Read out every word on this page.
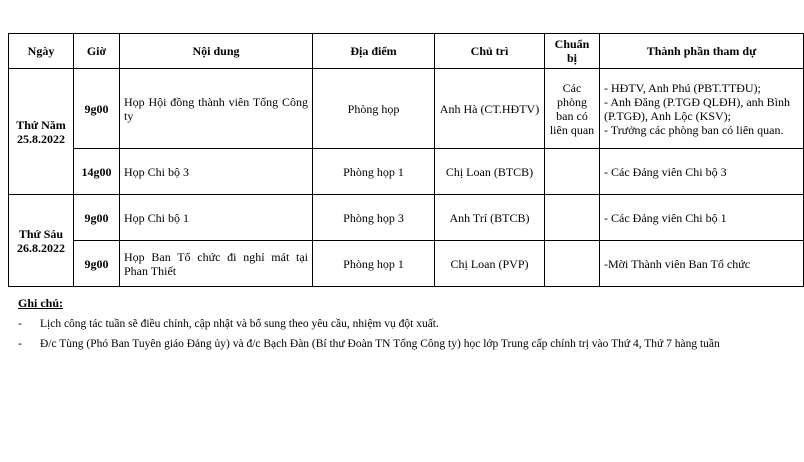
Ngày	Giờ	Nội dung	Địa điểm	Chủ trì	Chuẩn bị	Thành phần tham dự
Thứ Năm 25.8.2022	9g00	Họp Hội đồng thành viên Tổng Công ty	Phòng họp	Anh Hà (CT.HĐTV)	Các phòng ban có liên quan	- HĐTV, Anh Phú (PBT.TTĐU);
- Anh Đăng (P.TGĐ QLĐH), anh Bình (P.TGĐ), Anh Lộc (KSV);
- Trưởng các phòng ban có liên quan.

	14g00	Họp Chi bộ 3	Phòng họp 1	Chị Loan (BTCB)		- Các Đảng viên Chi bộ 3
Thứ Sáu 26.8.2022	9g00	Họp Chi bộ 1	Phòng họp 3	Anh Trí (BTCB)		- Các Đảng viên Chi bộ 1
	9g00	Họp Ban Tổ chức đi nghỉ mát tại Phan Thiết	Phòng họp 1	Chị Loan (PVP)		-Mời Thành viên Ban Tổ chức
Ghi chú:
-	Lịch công tác tuần sẽ điều chỉnh, cập nhật và bổ sung theo yêu cầu, nhiệm vụ đột xuất.
-	Đ/c Tùng (Phó Ban Tuyên giáo Đảng ủy) và đ/c Bạch Đàn (Bí thư Đoàn TN Tổng Công ty) học lớp Trung cấp chính trị vào Thứ 4, Thứ 7 hàng tuần
